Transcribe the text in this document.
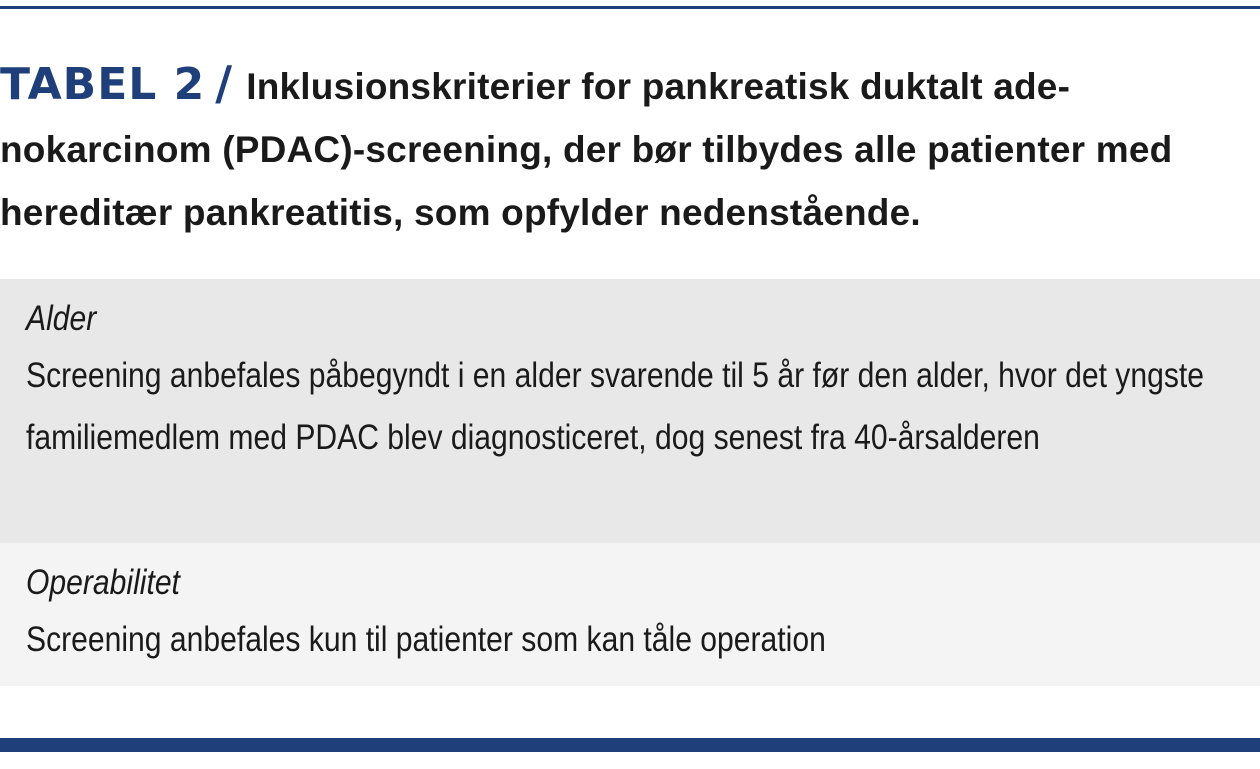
TABEL 2 / Inklusionskriterier for pankreatisk duktalt ade-nokarcinom (PDAC)-screening, der bør tilbydes alle patienter med hereditær pankreatitis, som opfylder nedenstående.
Alder
Screening anbefales påbegyndt i en alder svarende til 5 år før den alder, hvor det yngste familiemedlem med PDAC blev diagnosticeret, dog senest fra 40-årsalderen
Operabilitet
Screening anbefales kun til patienter som kan tåle operation
